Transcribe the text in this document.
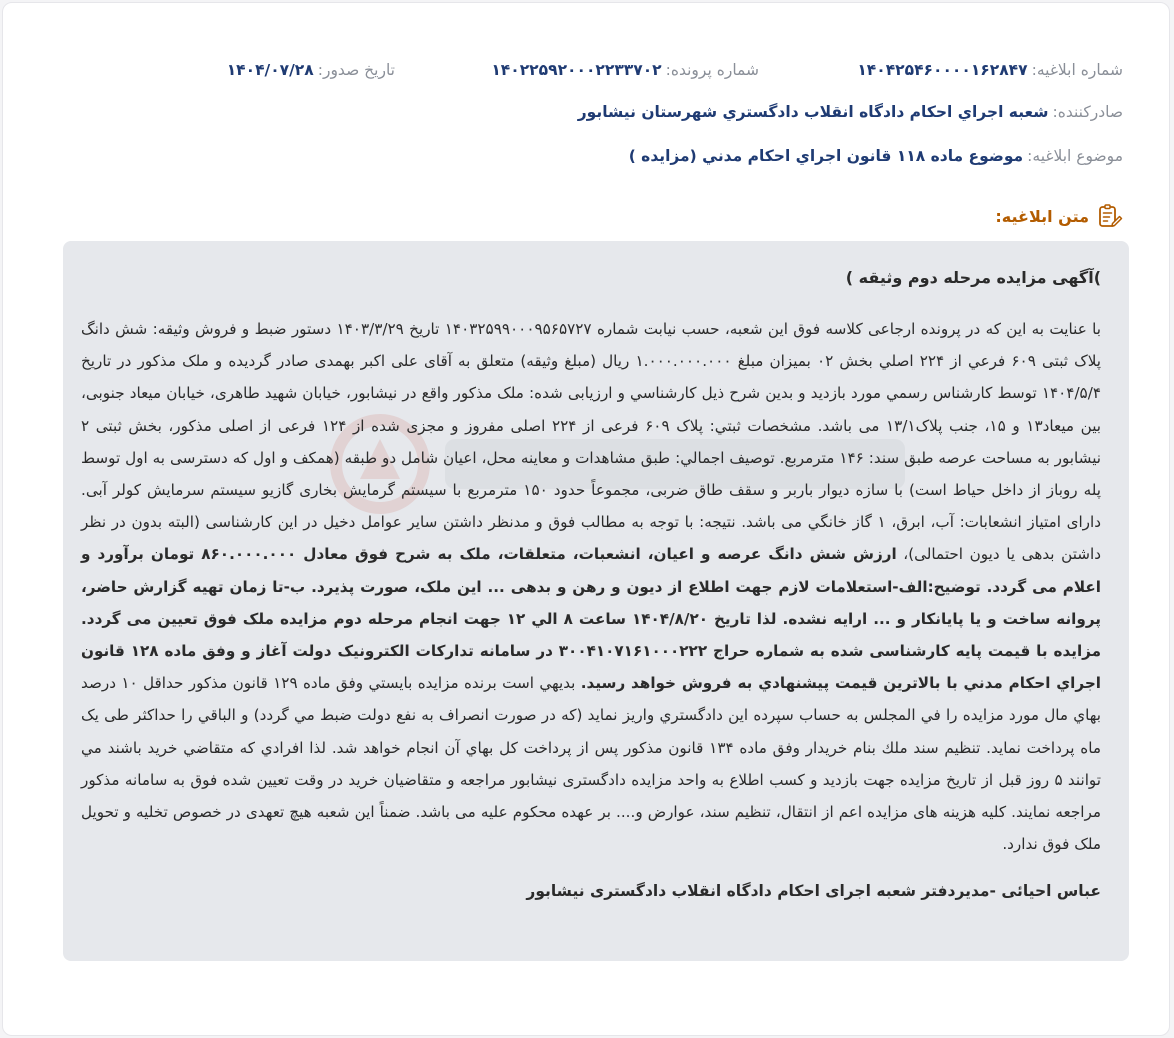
شماره ابلاغیه:۱۴۰۴۲۵۴۶۰۰۰۰۱۶۲۸۴۷
شماره پرونده:۱۴۰۲۲۵۹۲۰۰۰۲۲۳۳۷۰۲
تاریخ صدور:۱۴۰۴/۰۷/۲۸
صادرکننده:شعبه اجراي احکام دادگاه انقلاب دادگستري شهرستان نيشابور
موضوع ابلاغیه:موضوع ماده ۱۱۸ قانون اجراي احکام مدني (مزايده )
متن ابلاغیه:
)آگهی مزایده مرحله دوم وثیقه )

با عنایت به این که در پرونده ارجاعی کلاسه فوق این شعبه، حسب نیابت شماره ۱۴۰۳۲۵۹۹۰۰۰۹۵۶۵۷۲۷ تاریخ ۱۴۰۳/۳/۲۹ دستور ضبط و فروش وثیقه: شش دانگ پلاک ثبتی ۶۰۹ فرعي از ۲۲۴ اصلي بخش ۰۲ بمیزان مبلغ ۱.۰۰۰.۰۰۰.۰۰۰ ریال (مبلغ وثیقه) متعلق به آقای علی اکبر بهمدی صادر گردیده و ملک مذکور در تاریخ ۱۴۰۴/۵/۴ توسط کارشناس رسمي مورد بازديد و بدين شرح ذيل كارشناسي و ارزيابی شده: ملک مذکور واقع در نیشابور، خیابان شهید طاهری، خیابان میعاد جنوبی، بین میعاد۱۳ و ۱۵، جنب پلاک۱۳/۱ می باشد. مشخصات ثبتي: پلاک ۶۰۹ فرعی از ۲۲۴ اصلی مفروز و مجزی شده از ۱۲۴ فرعی از اصلی مذکور، بخش ثبتی ۲ نیشابور به مساحت عرصه طبق سند: ۱۴۶ مترمربع. توصیف اجمالي: طبق مشاهدات و معاینه محل، اعیان شامل دو طبقه (همکف و اول که دسترسی به اول توسط پله روباز از داخل حیاط است) با سازه دیوار باربر و سقف طاق ضربی، مجموعاً حدود ۱۵۰ مترمربع با سیستم گرمایش بخاری گازیو سیستم سرمایش کولر آبی. دارای امتیاز انشعابات: آب، ابرق، ۱ گاز خانگي می باشد. نتیجه: با توجه به مطالب فوق و مدنظر داشتن سایر عوامل دخیل در این کارشناسی (البته بدون در نظر داشتن بدهی یا دیون احتمالی)، ارزش شش دانگ عرصه و اعیان، انشعبات، متعلقات، ملک به شرح فوق معادل ۸۶۰.۰۰۰.۰۰۰ تومان برآورد و اعلام می گردد. توضیح:الف-استعلامات لازم جهت اطلاع از دیون و رهن و بدهی ... این ملک، صورت پذیرد. ب-تا زمان تهیه گزارش حاضر، پروانه ساخت و یا پایانکار و ... ارایه نشده. لذا تاریخ ۱۴۰۴/۸/۲۰ ساعت ۸ الي ۱۲ جهت انجام مرحله دوم مزایده ملک فوق تعیین می گردد. مزایده با قیمت پایه کارشناسی شده به شماره حراج ۳۰۰۴۱۰۷۱۶۱۰۰۰۲۲۲ در سامانه تدارکات الکترونیک دولت آغاز و وفق ماده ۱۲۸ قانون اجراي احكام مدني با بالاترين قيمت پيشنهادي به فروش خواهد رسيد. بديهي است برنده مزايده بايستي وفق ماده ۱۲۹ قانون مذكور حداقل ۱۰ درصد بهاي مال مورد مزايده را في المجلس به حساب سپرده اين دادگستري واريز نمايد (كه در صورت انصراف به نفع دولت ضبط مي گردد) و الباقي را حداكثر طی يک ماه پرداخت نمايد. تنظيم سند ملك بنام خريدار وفق ماده ۱۳۴ قانون مذكور پس از پرداخت كل بهاي آن انجام خواهد شد. لذا افرادي كه متقاضي خريد باشند مي توانند ۵ روز قبل از تاريخ مزايده جهت بازديد و کسب اطلاع به واحد مزایده دادگستری نیشابور مراجعه و متقاضیان خرید در وقت تعیین شده فوق به سامانه مذکور مراجعه نمایند. کلیه هزینه های مزایده اعم از انتقال، تنظیم سند، عوارض و.... بر عهده محکوم علیه می باشد. ضمناً این شعبه هیچ تعهدی در خصوص تخلیه و تحویل ملک فوق ندارد.

عباس احیائی -مدیردفتر شعبه اجرای احکام دادگاه انقلاب دادگستری نیشابور
